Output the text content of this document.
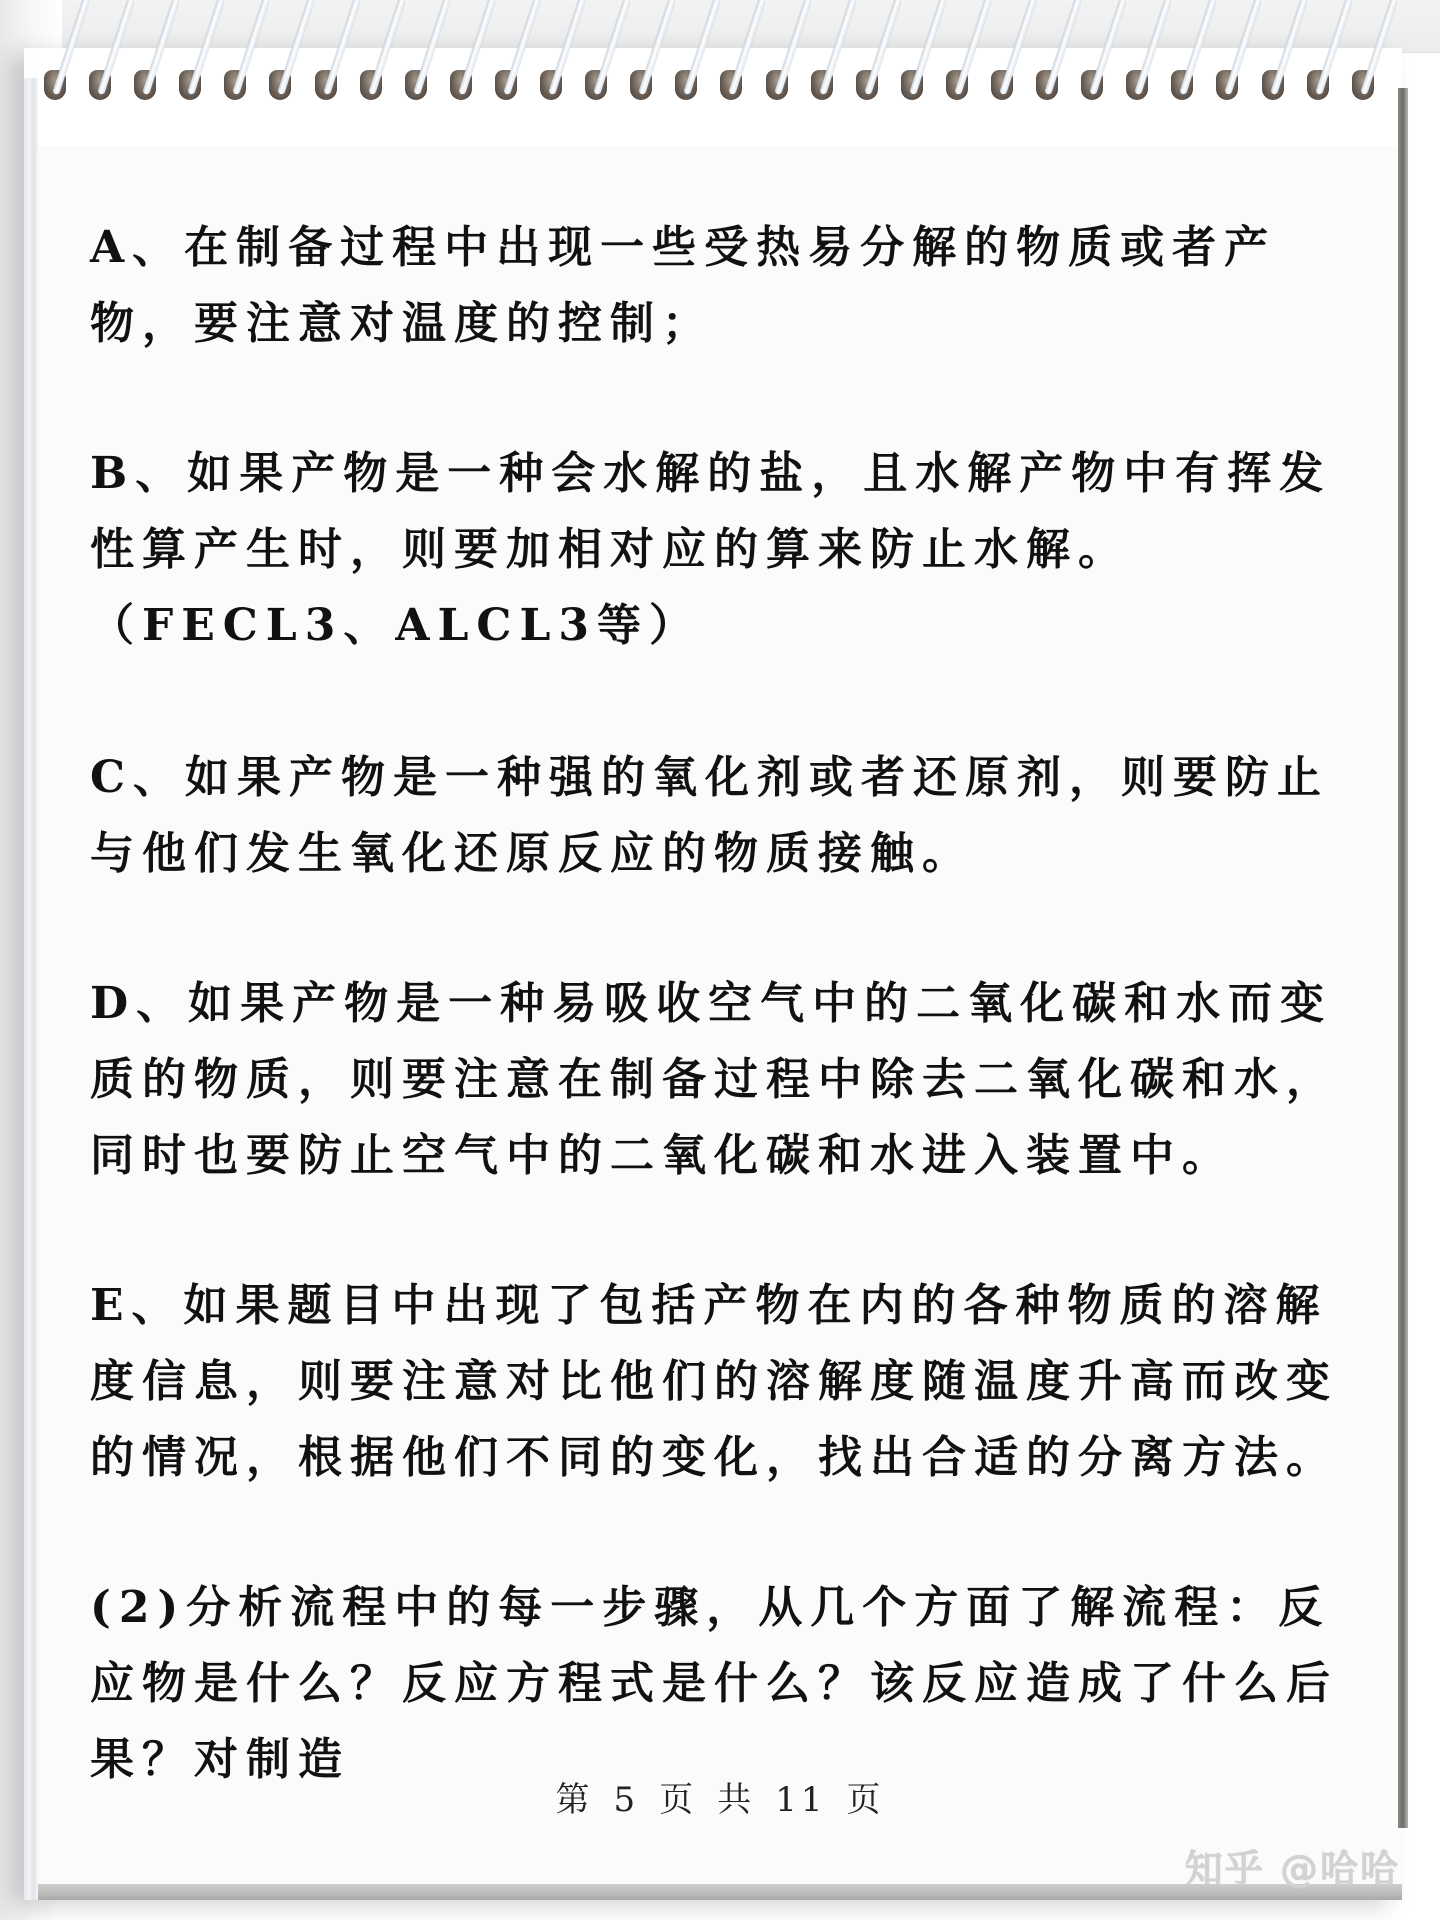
A、在制备过程中出现一些受热易分解的物质或者产物，要注意对温度的控制；

B、如果产物是一种会水解的盐，且水解产物中有挥发性算产生时，则要加相对应的算来防止水解。（FECL3、ALCL3等）

C、如果产物是一种强的氧化剂或者还原剂，则要防止与他们发生氧化还原反应的物质接触。

D、如果产物是一种易吸收空气中的二氧化碳和水而变质的物质，则要注意在制备过程中除去二氧化碳和水，同时也要防止空气中的二氧化碳和水进入装置中。

E、如果题目中出现了包括产物在内的各种物质的溶解度信息，则要注意对比他们的溶解度随温度升高而改变的情况，根据他们不同的变化，找出合适的分离方法。

(2)分析流程中的每一步骤，从几个方面了解流程：反应物是什么？反应方程式是什么？该反应造成了什么后果？对制造

第 5 页 共 11 页
知乎 @哈哈
